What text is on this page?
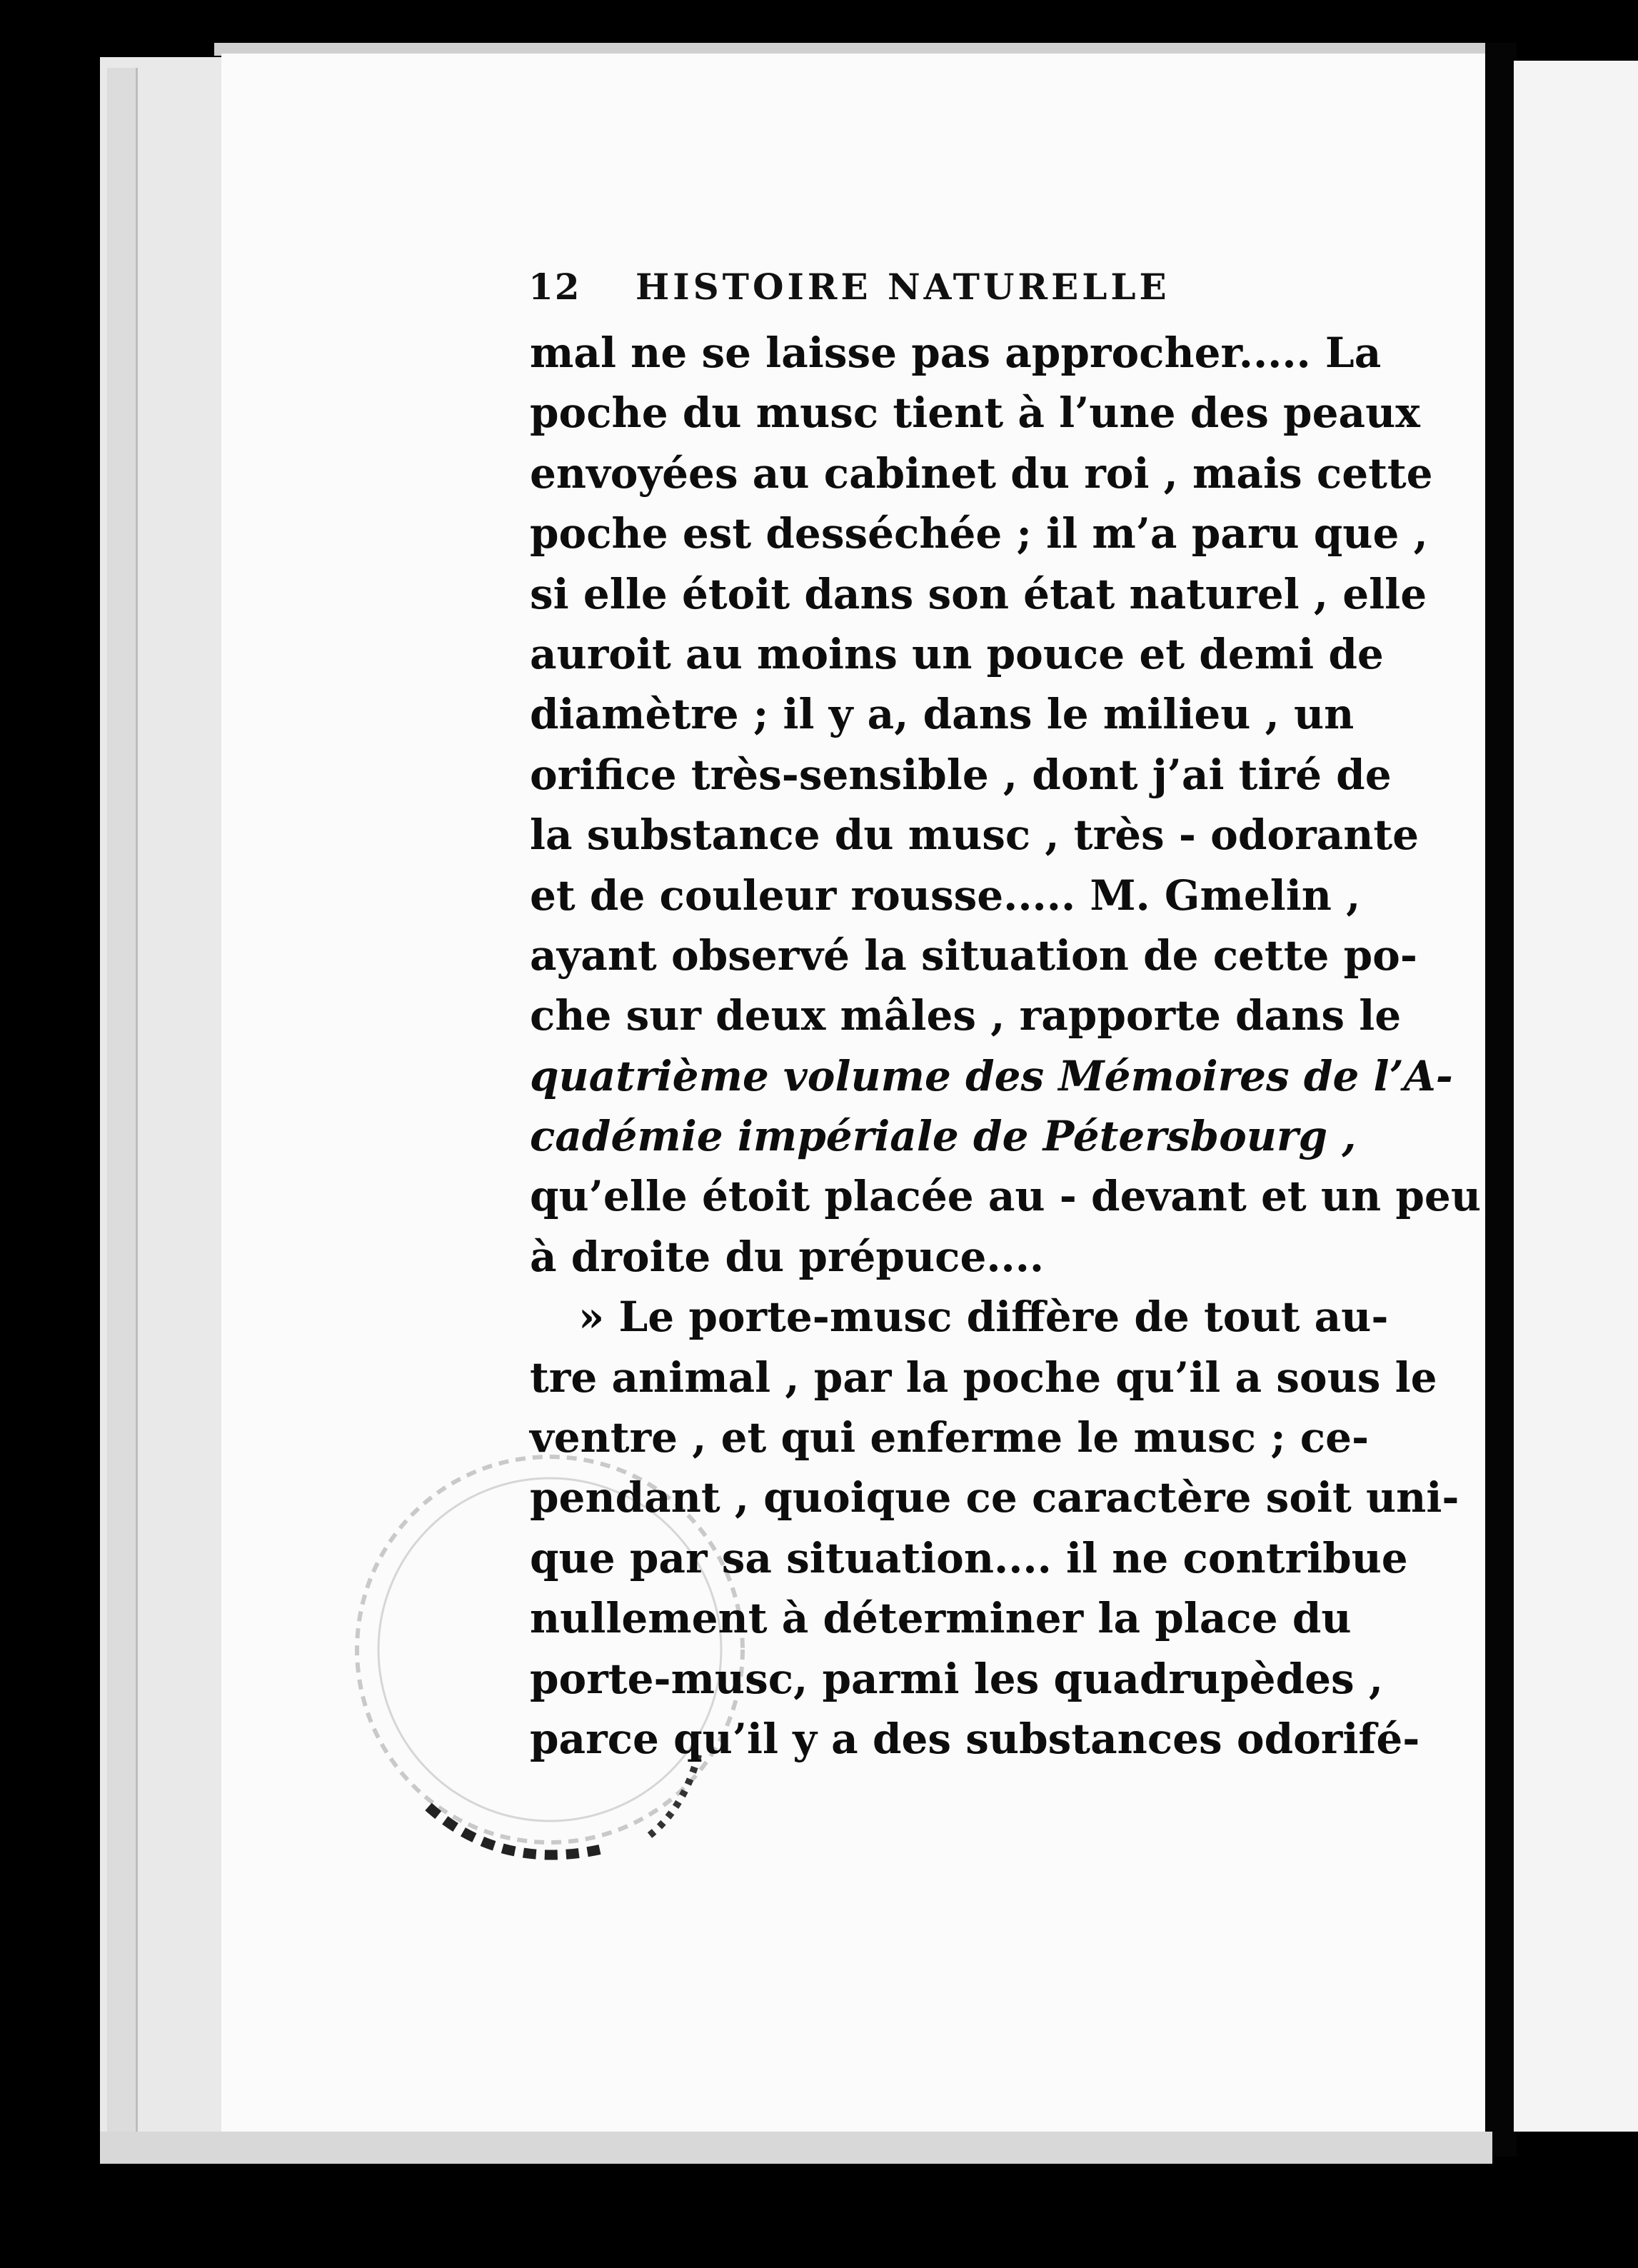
12 HISTOIRE NATURELLE
mal ne se laisse pas approcher..... La
poche du musc tient à l’une des peaux
envoyées au cabinet du roi , mais cette
poche est desséchée ; il m’a paru que ,
si elle étoit dans son état naturel , elle
auroit au moins un pouce et demi de
diamètre ; il y a, dans le milieu , un
orifice très-sensible , dont j’ai tiré de
la substance du musc , très - odorante
et de couleur rousse..... M. Gmelin ,
ayant observé la situation de cette po-
che sur deux mâles , rapporte dans le
quatrième volume des Mémoires de l’A-
cadémie impériale de Pétersbourg ,
qu’elle étoit placée au - devant et un peu
à droite du prépuce....
» Le porte-musc diffère de tout au-
tre animal , par la poche qu’il a sous le
ventre , et qui enferme le musc ; ce-
pendant , quoique ce caractère soit uni-
que par sa situation.... il ne contribue
nullement à déterminer la place du
porte-musc, parmi les quadrupèdes ,
parce qu’il y a des substances odorifé-
